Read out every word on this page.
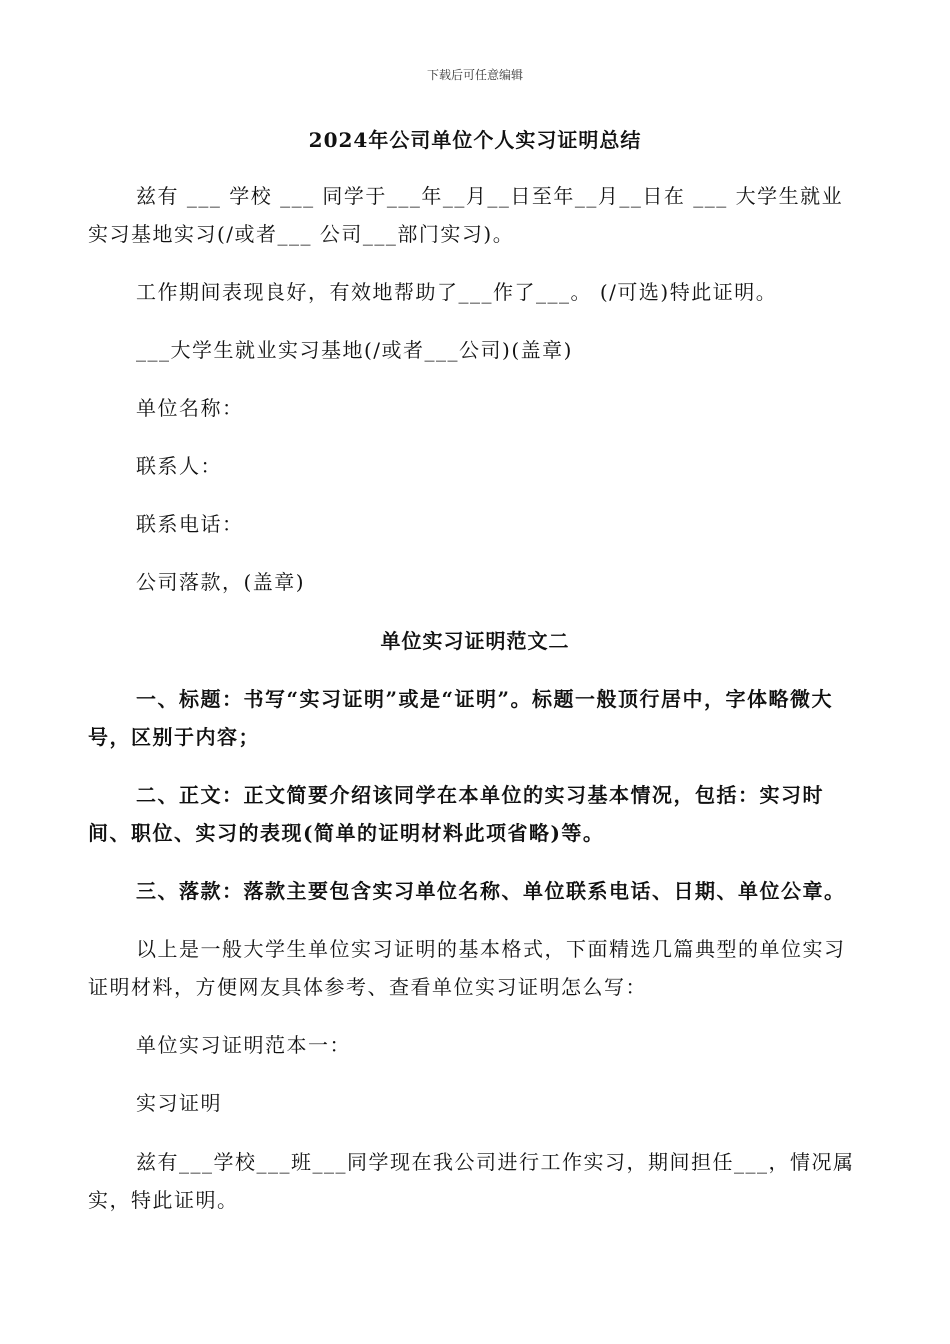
下载后可任意编辑
2024年公司单位个人实习证明总结
兹有 ___ 学校 ___ 同学于___年__月__日至年__月__日在 ___ 大学生就业实习基地实习(/或者___ 公司___部门实习)。
工作期间表现良好，有效地帮助了___作了___。 (/可选)特此证明。
___大学生就业实习基地(/或者___公司)(盖章)
单位名称：
联系人：
联系电话：
公司落款，(盖章)
单位实习证明范文二
一、标题：书写“实习证明”或是“证明”。标题一般顶行居中，字体略微大号，区别于内容；
二、正文：正文简要介绍该同学在本单位的实习基本情况，包括：实习时间、职位、实习的表现(简单的证明材料此项省略)等。
三、落款：落款主要包含实习单位名称、单位联系电话、日期、单位公章。
以上是一般大学生单位实习证明的基本格式，下面精选几篇典型的单位实习证明材料，方便网友具体参考、查看单位实习证明怎么写：
单位实习证明范本一：
实习证明
兹有___学校___班___同学现在我公司进行工作实习，期间担任___，情况属实，特此证明。
